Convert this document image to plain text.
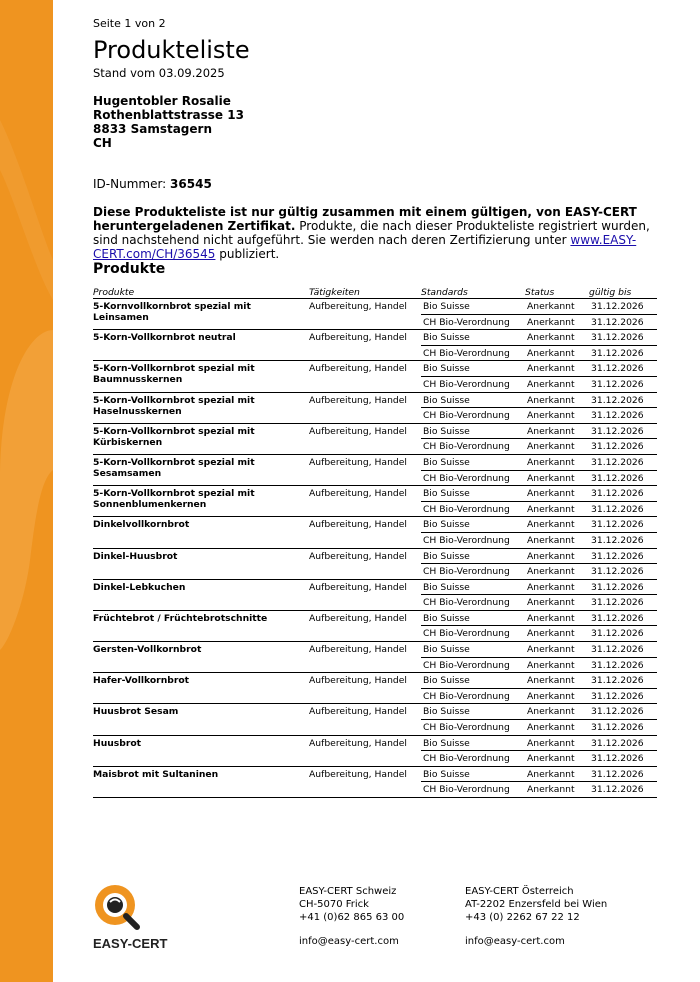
Seite 1 von 2
Produkteliste
Stand vom 03.09.2025
Hugentobler Rosalie
Rothenblattstrasse 13
8833 Samstagern
CH
ID-Nummer: 36545
Diese Produkteliste ist nur gültig zusammen mit einem gültigen, von EASY-CERT heruntergeladenen Zertifikat. Produkte, die nach dieser Produkteliste registriert wurden, sind nachstehend nicht aufgeführt. Sie werden nach deren Zertifizierung unter www.EASY-CERT.com/CH/36545 publiziert.
Produkte
Produkte	Tätigkeiten	Standards	Status	gültig bis
5-Kornvollkornbrot spezial mit Leinsamen	Aufbereitung, Handel	Bio Suisse	Anerkannt	31.12.2026
		CH Bio-Verordnung	Anerkannt	31.12.2026
5-Korn-Vollkornbrot neutral	Aufbereitung, Handel	Bio Suisse	Anerkannt	31.12.2026
		CH Bio-Verordnung	Anerkannt	31.12.2026
5-Korn-Vollkornbrot spezial mit Baumnusskernen	Aufbereitung, Handel	Bio Suisse	Anerkannt	31.12.2026
		CH Bio-Verordnung	Anerkannt	31.12.2026
5-Korn-Vollkornbrot spezial mit Haselnusskernen	Aufbereitung, Handel	Bio Suisse	Anerkannt	31.12.2026
		CH Bio-Verordnung	Anerkannt	31.12.2026
5-Korn-Vollkornbrot spezial mit Kürbiskernen	Aufbereitung, Handel	Bio Suisse	Anerkannt	31.12.2026
		CH Bio-Verordnung	Anerkannt	31.12.2026
5-Korn-Vollkornbrot spezial mit Sesamsamen	Aufbereitung, Handel	Bio Suisse	Anerkannt	31.12.2026
		CH Bio-Verordnung	Anerkannt	31.12.2026
5-Korn-Vollkornbrot spezial mit Sonnenblumenkernen	Aufbereitung, Handel	Bio Suisse	Anerkannt	31.12.2026
		CH Bio-Verordnung	Anerkannt	31.12.2026
Dinkelvollkornbrot	Aufbereitung, Handel	Bio Suisse	Anerkannt	31.12.2026
		CH Bio-Verordnung	Anerkannt	31.12.2026
Dinkel-Huusbrot	Aufbereitung, Handel	Bio Suisse	Anerkannt	31.12.2026
		CH Bio-Verordnung	Anerkannt	31.12.2026
Dinkel-Lebkuchen	Aufbereitung, Handel	Bio Suisse	Anerkannt	31.12.2026
		CH Bio-Verordnung	Anerkannt	31.12.2026
Früchtebrot / Früchtebrotschnitte	Aufbereitung, Handel	Bio Suisse	Anerkannt	31.12.2026
		CH Bio-Verordnung	Anerkannt	31.12.2026
Gersten-Vollkornbrot	Aufbereitung, Handel	Bio Suisse	Anerkannt	31.12.2026
		CH Bio-Verordnung	Anerkannt	31.12.2026
Hafer-Vollkornbrot	Aufbereitung, Handel	Bio Suisse	Anerkannt	31.12.2026
		CH Bio-Verordnung	Anerkannt	31.12.2026
Huusbrot Sesam	Aufbereitung, Handel	Bio Suisse	Anerkannt	31.12.2026
		CH Bio-Verordnung	Anerkannt	31.12.2026
Huusbrot	Aufbereitung, Handel	Bio Suisse	Anerkannt	31.12.2026
		CH Bio-Verordnung	Anerkannt	31.12.2026
Maisbrot mit Sultaninen	Aufbereitung, Handel	Bio Suisse	Anerkannt	31.12.2026
		CH Bio-Verordnung	Anerkannt	31.12.2026
EASY-CERT
EASY-CERT Schweiz
CH-5070 Frick
+41 (0)62 865 63 00
info@easy-cert.com
EASY-CERT Österreich
AT-2202 Enzersfeld bei Wien
+43 (0) 2262 67 22 12
info@easy-cert.com
